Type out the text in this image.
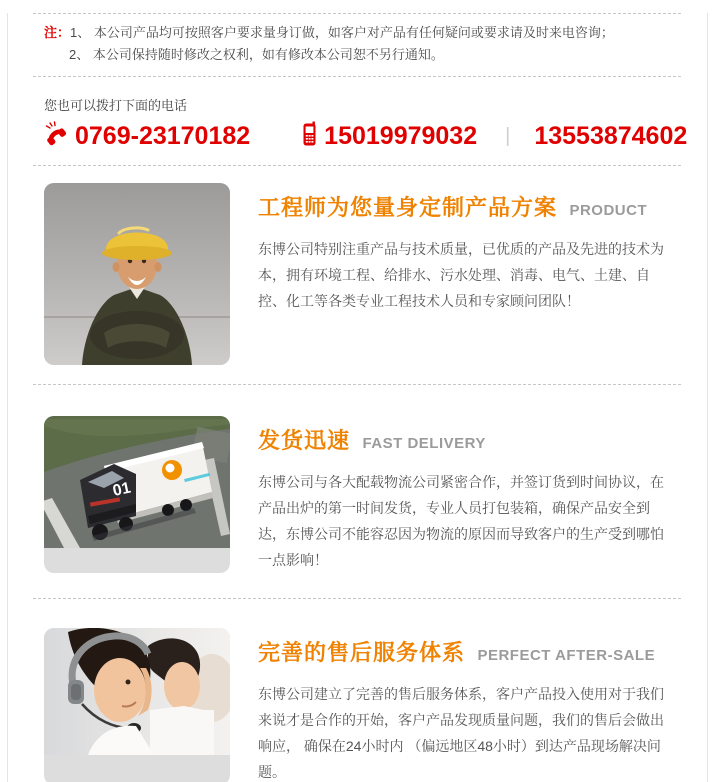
注：1、 本公司产品均可按照客户要求量身订做，如客户对产品有任何疑问或要求请及时来电咨询；
2、 本公司保持随时修改之权利，如有修改本公司恕不另行通知。
您也可以拨打下面的电话
0769-23170182	15019979032 | 13553874602
工程师为您量身定制产品方案 PRODUCT

东博公司特别注重产品与技术质量，已优质的产品及先进的技术为本，拥有环境工程、给排水、污水处理、消毒、电气、土建、自控、化工等各类专业工程技术人员和专家顾问团队！

01
发货迅速 FAST DELIVERY

东博公司与各大配载物流公司紧密合作，并签订货到时间协议，在产品出炉的第一时间发货，专业人员打包装箱，确保产品安全到达，东博公司不能容忍因为物流的原因而导致客户的生产受到哪怕一点影响！

完善的售后服务体系 PERFECT AFTER-SALE

东博公司建立了完善的售后服务体系，客户产品投入使用对于我们来说才是合作的开始，客户产品发现质量问题，我们的售后会做出响应， 确保在24小时内 （偏远地区48小时）到达产品现场解决问题。
